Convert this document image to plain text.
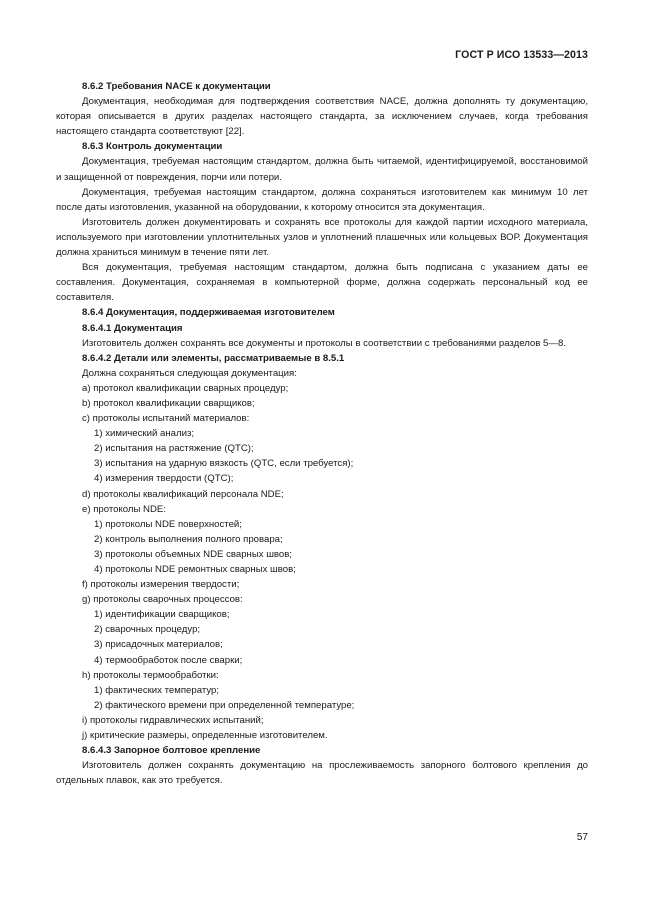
ГОСТ Р ИСО 13533—2013

8.6.2 Требования NACE к документации

Документация, необходимая для подтверждения соответствия NACE, должна дополнять ту документацию, которая описывается в других разделах настоящего стандарта, за исключением случаев, когда требования настоящего стандарта соответствуют [22].

8.6.3 Контроль документации

Документация, требуемая настоящим стандартом, должна быть читаемой, идентифицируемой, восстановимой и защищенной от повреждения, порчи или потери.

Документация, требуемая настоящим стандартом, должна сохраняться изготовителем как минимум 10 лет после даты изготовления, указанной на оборудовании, к которому относится эта документация.

Изготовитель должен документировать и сохранять все протоколы для каждой партии исходного материала, используемого при изготовлении уплотнительных узлов и уплотнений плашечных или кольцевых ВОР. Документация должна храниться минимум в течение пяти лет.

Вся документация, требуемая настоящим стандартом, должна быть подписана с указанием даты ее составления. Документация, сохраняемая в компьютерной форме, должна содержать персональный код ее составителя.

8.6.4 Документация, поддерживаемая изготовителем

8.6.4.1 Документация

Изготовитель должен сохранять все документы и протоколы в соответствии с требованиями разделов 5—8.

8.6.4.2 Детали или элементы, рассматриваемые в 8.5.1

Должна сохраняться следующая документация:

а) протокол квалификации сварных процедур;

b) протокол квалификации сварщиков;

с) протоколы испытаний материалов:

1) химический анализ;

2) испытания на растяжение (QTC);

3) испытания на ударную вязкость (QTC, если требуется);

4) измерения твердости (QTC);

d) протоколы квалификаций персонала NDE;

е) протоколы NDE:

1) протоколы NDE поверхностей;

2) контроль выполнения полного провара;

3) протоколы объемных NDE сварных швов;

4) протоколы NDE ремонтных сварных швов;

f) протоколы измерения твердости;

g) протоколы сварочных процессов:

1) идентификации сварщиков;

2) сварочных процедур;

3) присадочных материалов;

4) термообработок после сварки;

h) протоколы термообработки:

1) фактических температур;

2) фактического времени при определенной температуре;

i) протоколы гидравлических испытаний;

j) критические размеры, определенные изготовителем.

8.6.4.3 Запорное болтовое крепление

Изготовитель должен сохранять документацию на прослеживаемость запорного болтового крепления до отдельных плавок, как это требуется.

57
